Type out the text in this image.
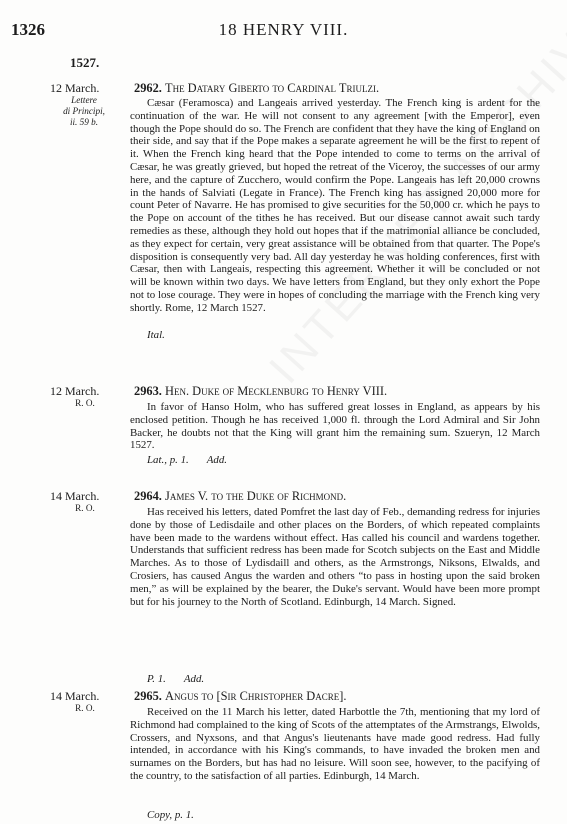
1326	18 HENRY VIII.
1527.
12 March.
Lettere
di Principi,
ii. 59 b.
2962. The Datary Giberto to Cardinal Triulzi.
Cæsar (Feramosca) and Langeais arrived yesterday. The French king is ardent for the continuation of the war. He will not consent to any agreement [with the Emperor], even though the Pope should do so. The French are confident that they have the king of England on their side, and say that if the Pope makes a separate agreement he will be the first to repent of it. When the French king heard that the Pope intended to come to terms on the arrival of Cæsar, he was greatly grieved, but hoped the retreat of the Viceroy, the successes of our army here, and the capture of Zucchero, would confirm the Pope. Langeais has left 20,000 crowns in the hands of Salviati (Legate in France). The French king has assigned 20,000 more for count Peter of Navarre. He has promised to give securities for the 50,000 cr. which he pays to the Pope on account of the tithes he has received. But our disease cannot await such tardy remedies as these, although they hold out hopes that if the matrimonial alliance be concluded, as they expect for certain, very great assistance will be obtained from that quarter. The Pope's disposition is consequently very bad. All day yesterday he was holding conferences, first with Cæsar, then with Langeais, respecting this agreement. Whether it will be concluded or not will be known within two days. We have letters from England, but they only exhort the Pope not to lose courage. They were in hopes of concluding the marriage with the French king very shortly. Rome, 12 March 1527.
Ital.
12 March.
R. O.
2963. Hen. Duke of Mecklenburg to Henry VIII.
In favor of Hanso Holm, who has suffered great losses in England, as appears by his enclosed petition. Though he has received 1,000 fl. through the Lord Admiral and Sir John Backer, he doubts not that the King will grant him the remaining sum. Szueryn, 12 March 1527.
Lat., p. 1. Add.
14 March.
R. O.
2964. James V. to the Duke of Richmond.
Has received his letters, dated Pomfret the last day of Feb., demanding redress for injuries done by those of Ledisdaile and other places on the Borders, of which repeated complaints have been made to the wardens without effect. Has called his council and wardens together. Understands that sufficient redress has been made for Scotch subjects on the East and Middle Marches. As to those of Lydisdaill and others, as the Armstrongs, Niksons, Elwalds, and Crosiers, has caused Angus the warden and others “to pass in hosting upon the said broken men,” as will be explained by the bearer, the Duke's servant. Would have been more prompt but for his journey to the North of Scotland. Edinburgh, 14 March. Signed.
P. 1. Add.
14 March.
R. O.
2965. Angus to [Sir Christopher Dacre].
Received on the 11 March his letter, dated Harbottle the 7th, mentioning that my lord of Richmond had complained to the king of Scots of the attemptates of the Armstrangs, Elwolds, Crossers, and Nyxsons, and that Angus's lieutenants have made good redress. Had fully intended, in accordance with his King's commands, to have invaded the broken men and surnames on the Borders, but has had no leisure. Will soon see, however, to the pacifying of the country, to the satisfaction of all parties. Edinburgh, 14 March.
Copy, p. 1.
